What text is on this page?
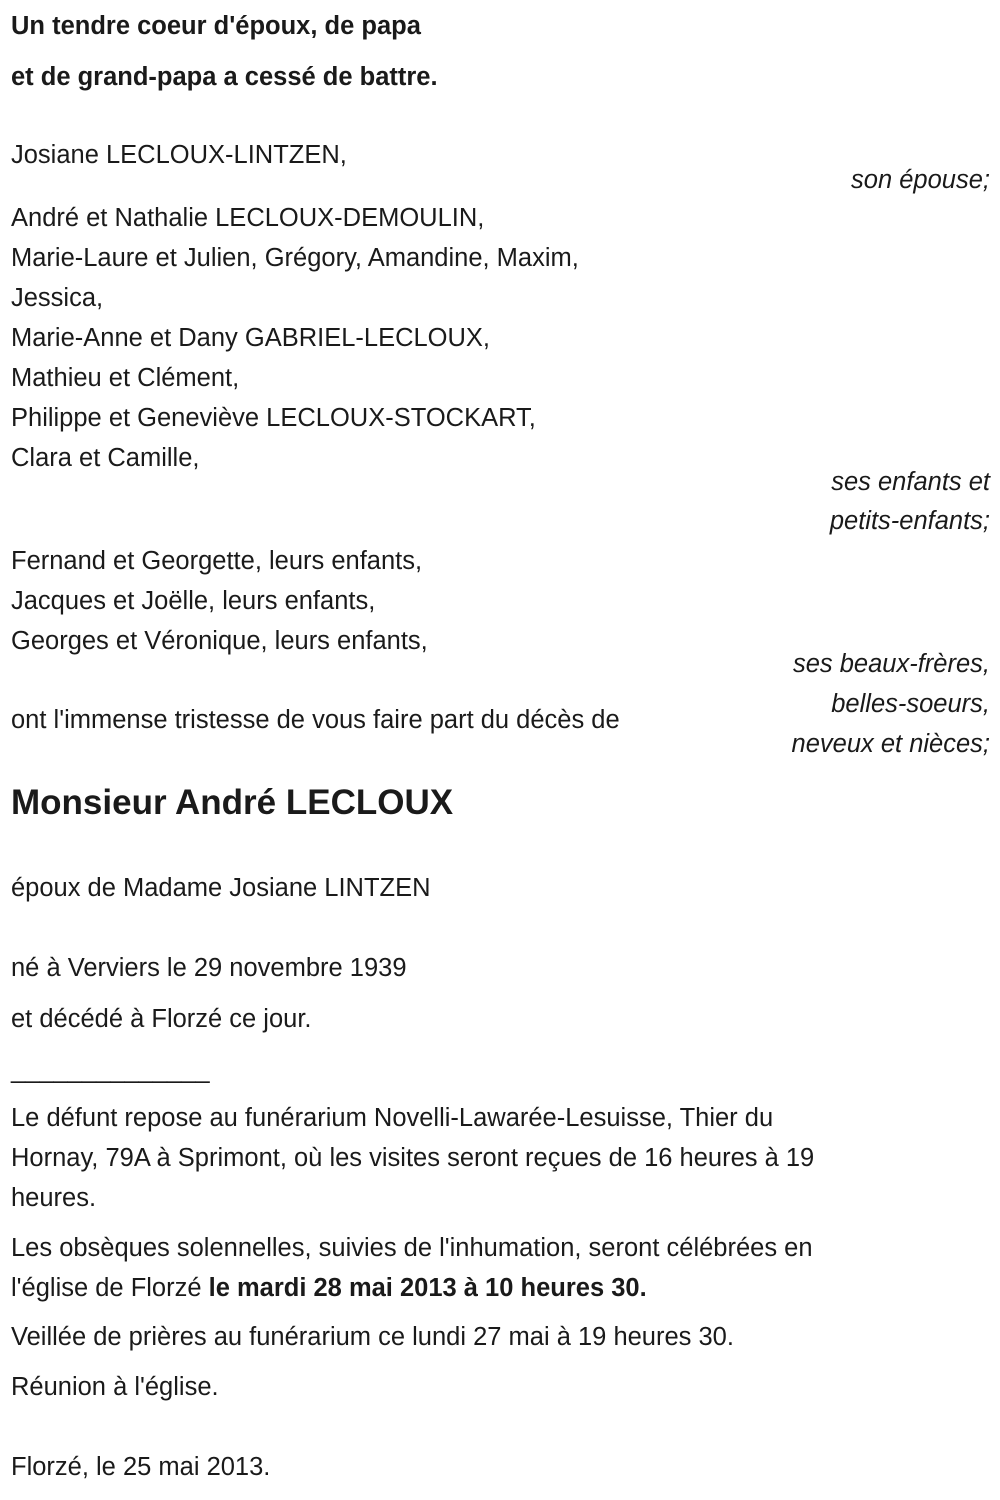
Un tendre coeur d'époux, de papa
et de grand-papa a cessé de battre.
Josiane LECLOUX-LINTZEN,
son épouse;
André et Nathalie LECLOUX-DEMOULIN,
Marie-Laure et Julien, Grégory, Amandine, Maxim,
Jessica,
Marie-Anne et Dany GABRIEL-LECLOUX,
Mathieu et Clément,
Philippe et Geneviève LECLOUX-STOCKART,
Clara et Camille,
ses enfants et
petits-enfants;
Fernand et Georgette, leurs enfants,
Jacques et Joëlle, leurs enfants,
Georges et Véronique, leurs enfants,
ses beaux-frères,
belles-soeurs,
neveux et nièces;
ont l'immense tristesse de vous faire part du décès de
Monsieur André LECLOUX
époux de Madame Josiane LINTZEN
né à Verviers le 29 novembre 1939
et décédé à Florzé ce jour.
______________
Le défunt repose au funérarium Novelli-Lawarée-Lesuisse, Thier du
Hornay, 79A à Sprimont, où les visites seront reçues de 16 heures à 19
heures.
Les obsèques solennelles, suivies de l'inhumation, seront célébrées en
l'église de Florzé le mardi 28 mai 2013 à 10 heures 30.
Veillée de prières au funérarium ce lundi 27 mai à 19 heures 30.
Réunion à l'église.
Florzé, le 25 mai 2013.
